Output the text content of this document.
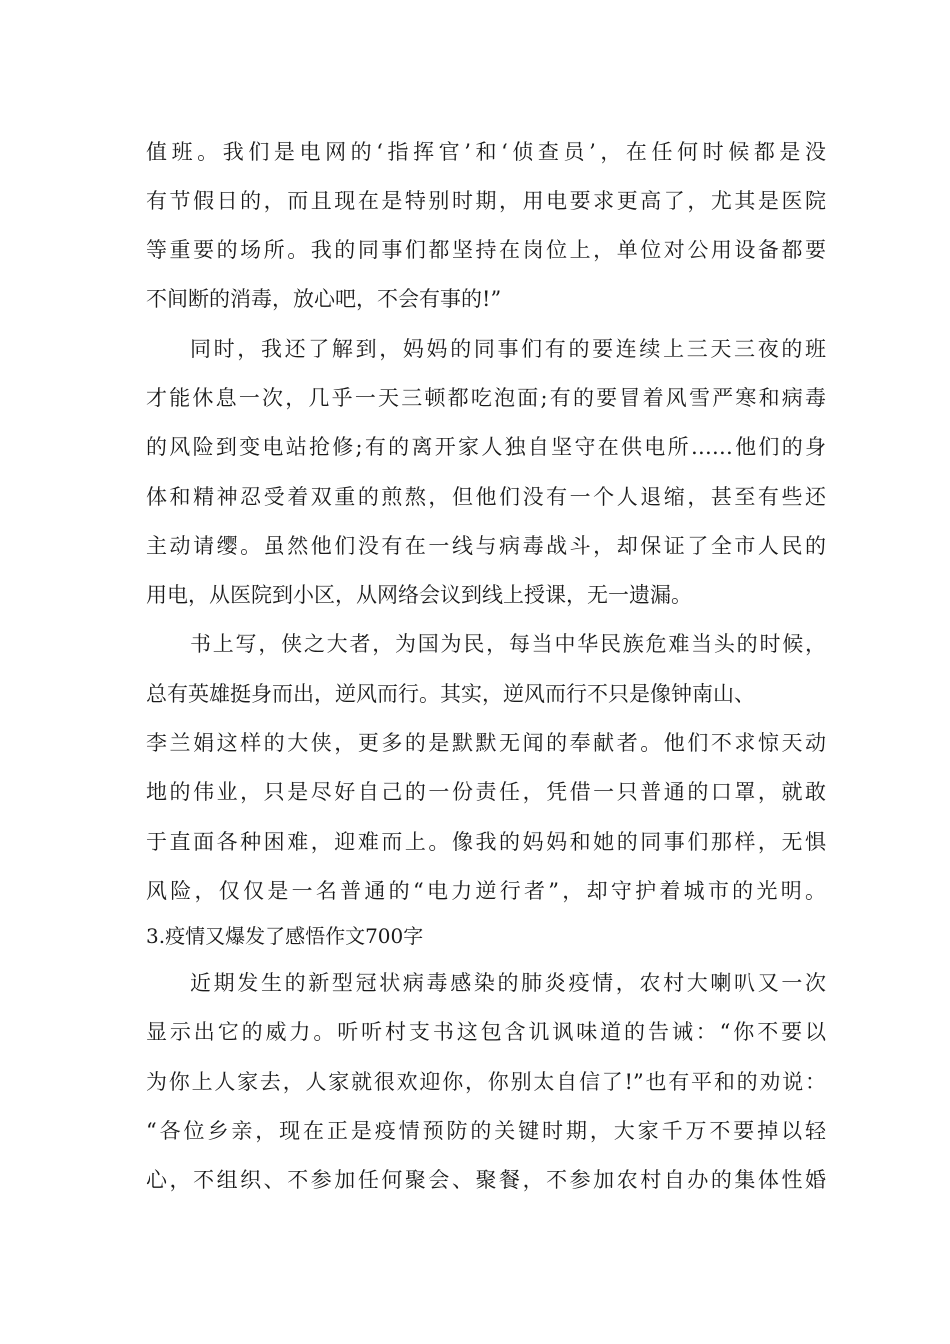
值班。我们是电网的‘指挥官’和‘侦查员’，在任何时候都是没
有节假日的，而且现在是特别时期，用电要求更高了，尤其是医院
等重要的场所。我的同事们都坚持在岗位上，单位对公用设备都要
不间断的消毒，放心吧，不会有事的!”
同时，我还了解到，妈妈的同事们有的要连续上三天三夜的班
才能休息一次，几乎一天三顿都吃泡面;有的要冒着风雪严寒和病毒
的风险到变电站抢修;有的离开家人独自坚守在供电所……他们的身
体和精神忍受着双重的煎熬，但他们没有一个人退缩，甚至有些还
主动请缨。虽然他们没有在一线与病毒战斗，却保证了全市人民的
用电，从医院到小区，从网络会议到线上授课，无一遗漏。
书上写，侠之大者，为国为民，每当中华民族危难当头的时候，
总有英雄挺身而出，逆风而行。其实，逆风而行不只是像钟南山、
李兰娟这样的大侠，更多的是默默无闻的奉献者。他们不求惊天动
地的伟业，只是尽好自己的一份责任，凭借一只普通的口罩，就敢
于直面各种困难，迎难而上。像我的妈妈和她的同事们那样，无惧
风险，仅仅是一名普通的“电力逆行者”，却守护着城市的光明。
3.疫情又爆发了感悟作文700字
近期发生的新型冠状病毒感染的肺炎疫情，农村大喇叭又一次
显示出它的威力。听听村支书这包含讥讽味道的告诫：“你不要以
为你上人家去，人家就很欢迎你，你别太自信了!”也有平和的劝说：
“各位乡亲，现在正是疫情预防的关键时期，大家千万不要掉以轻
心，不组织、不参加任何聚会、聚餐，不参加农村自办的集体性婚
